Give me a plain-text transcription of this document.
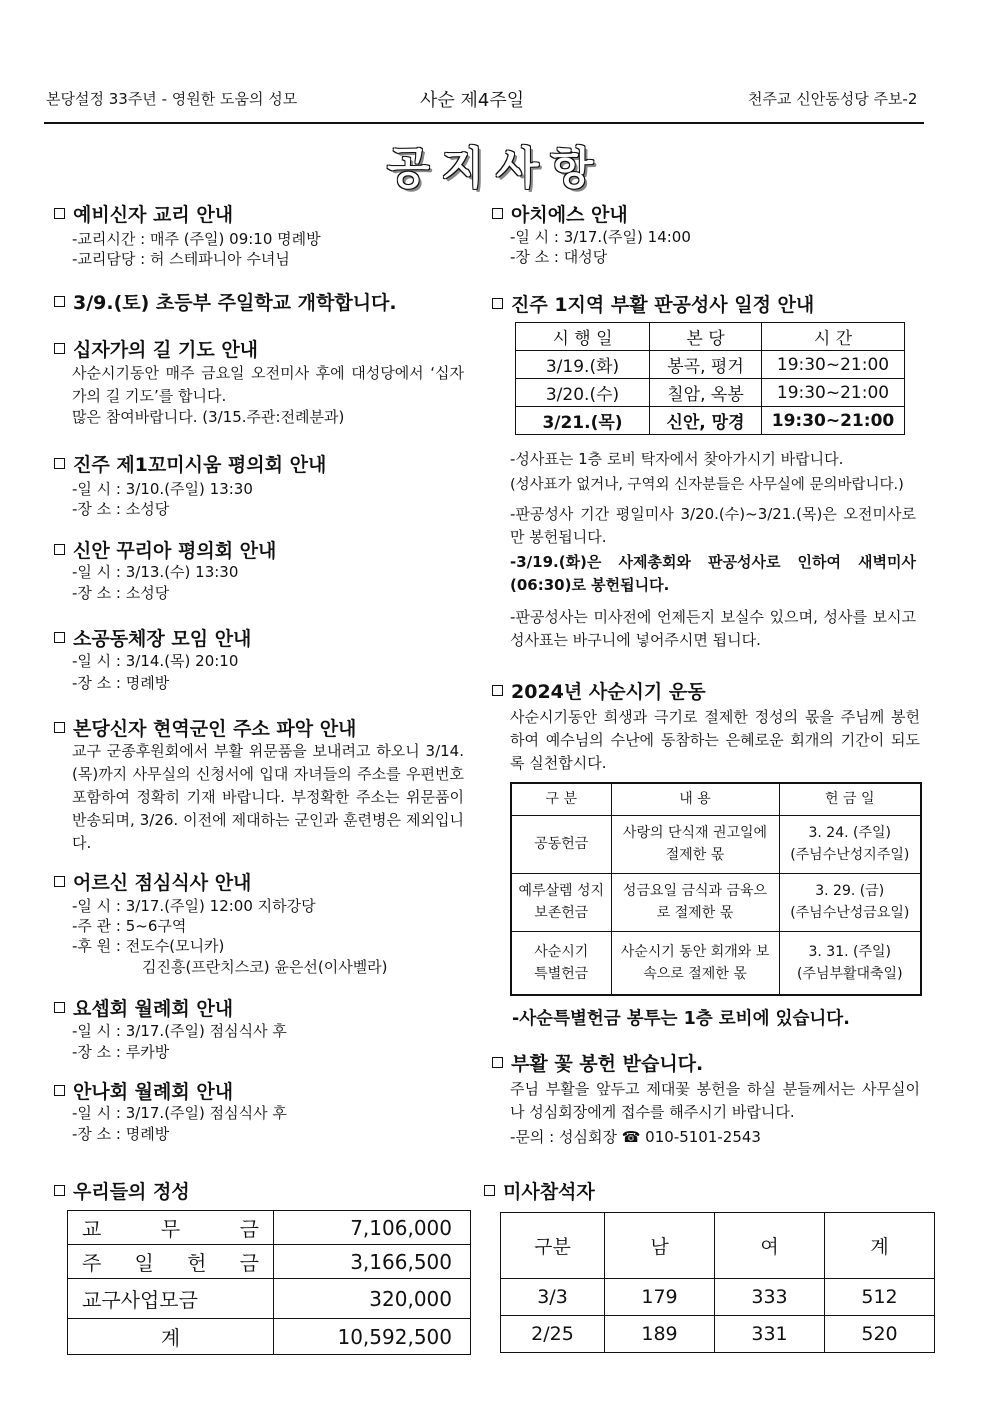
본당설정 33주년 - 영원한 도움의 성모	사순 제4주일	천주교 신안동성당 주보-2
공지사항
예비신자 교리 안내
-교리시간 : 매주 (주일) 09:10 명례방
-교리담당 : 허 스테파니아 수녀님
3/9.(토) 초등부 주일학교 개학합니다.
십자가의 길 기도 안내
사순시기동안 매주 금요일 오전미사 후에 대성당에서 ‘십자가의 길 기도’를 합니다.
많은 참여바랍니다. (3/15.주관:전례분과)
진주 제1꼬미시움 평의회 안내
-일 시 : 3/10.(주일) 13:30
-장 소 : 소성당
신안 꾸리아 평의회 안내
-일 시 : 3/13.(수) 13:30
-장 소 : 소성당
소공동체장 모임 안내
-일 시 : 3/14.(목) 20:10
-장 소 : 명례방
본당신자 현역군인 주소 파악 안내
교구 군종후원회에서 부활 위문품을 보내려고 하오니 3/14.(목)까지 사무실의 신청서에 입대 자녀들의 주소를 우편번호 포함하여 정확히 기재 바랍니다. 부정확한 주소는 위문품이 반송되며, 3/26. 이전에 제대하는 군인과 훈련병은 제외입니다.
어르신 점심식사 안내
-일 시 : 3/17.(주일) 12:00 지하강당
-주 관 : 5~6구역
-후 원 : 전도수(모니카)
김진흥(프란치스코) 윤은선(이사벨라)
요셉회 월례회 안내
-일 시 : 3/17.(주일) 점심식사 후
-장 소 : 루카방
안나회 월례회 안내
-일 시 : 3/17.(주일) 점심식사 후
-장 소 : 명례방
아치에스 안내
-일 시 : 3/17.(주일) 14:00
-장 소 : 대성당
진주 1지역 부활 판공성사 일정 안내
시 행 일	본 당	시 간
3/19.(화)	봉곡, 평거	19:30~21:00
3/20.(수)	칠암, 옥봉	19:30~21:00
3/21.(목)	신안, 망경	19:30~21:00
-성사표는 1층 로비 탁자에서 찾아가시기 바랍니다.
(성사표가 없거나, 구역외 신자분들은 사무실에 문의바랍니다.)
-판공성사 기간 평일미사 3/20.(수)~3/21.(목)은 오전미사로만 봉헌됩니다.
-3/19.(화)은 사제총회와 판공성사로 인하여 새벽미사(06:30)로 봉헌됩니다.
-판공성사는 미사전에 언제든지 보실수 있으며, 성사를 보시고 성사표는 바구니에 넣어주시면 됩니다.
2024년 사순시기 운동
사순시기동안 희생과 극기로 절제한 정성의 몫을 주님께 봉헌하여 예수님의 수난에 동참하는 은혜로운 회개의 기간이 되도록 실천합시다.
구 분	내 용	헌 금 일
공동헌금	사랑의 단식재 권고일에 절제한 몫	3. 24. (주일)
(주님수난성지주일)

예루살렘 성지보존헌금	성금요일 금식과 금육으로 절제한 몫	3. 29. (금)
(주님수난성금요일)

사순시기 특별헌금	사순시기 동안 회개와 보속으로 절제한 몫	3. 31. (주일)
(주님부활대축일)
-사순특별헌금 봉투는 1층 로비에 있습니다.
부활 꽃 봉헌 받습니다.
주님 부활을 앞두고 제대꽃 봉헌을 하실 분들께서는 사무실이나 성심회장에게 접수를 해주시기 바랍니다.
-문의 : 성심회장 ☎ 010-5101-2543
우리들의 정성
교 무 금	7,106,000
주 일 헌 금	3,166,500
교구사업모금	320,000
계	10,592,500
미사참석자
구분	남	여	계
3/3	179	333	512
2/25	189	331	520
